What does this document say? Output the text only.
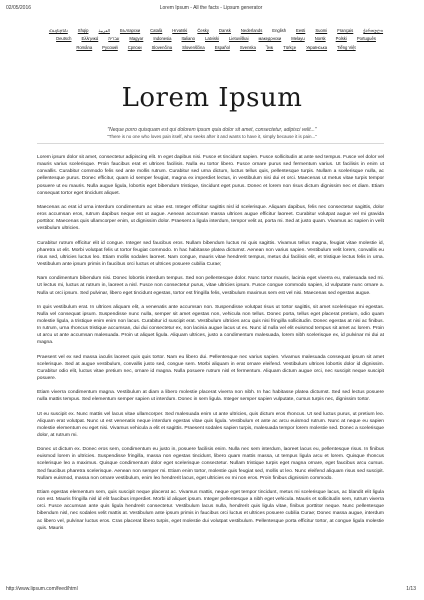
02/05/2016	Lorem Ipsum - All the facts - Lipsum generator
Հայերեն Shqip ‫العربية Български Català Hrvatski Česky Dansk Nederlands English Eesti Suomi Français ქართულიDeutsch Ελληνικά ‫עברית Magyar Indonesia Italiano Latviski Lietuviškai македонски Melayu Norsk Polski PortuguêsRomâna Pyccкий Српски Slovenčina Slovenščina Español Svenska ไทย Türkçe Українська Tiếng Việt
Lorem Ipsum
"Neque porro quisquam est qui dolorem ipsum quia dolor sit amet, consectetur, adipisci velit..."
"There is no one who loves pain itself, who seeks after it and wants to have it, simply because it is pain..."

Lorem ipsum dolor sit amet, consectetur adipiscing elit. In eget dapibus nisi. Fusce et tincidunt sapien. Fusce sollicitudin at ante sed tempus. Fusce vel dolor vel mauris varius scelerisque. Proin faucibus erat et ultrices facilisis. Nulla eu tortor libero. Fusce ornare purus sed fermentum varius. Ut facilisis in enim ut convallis. Curabitur commodo felis sed ante mollis rutrum. Curabitur sed urna dictum, luctus tellus quis, pellentesque turpis. Nullam a scelerisque nulla, ac pellentesque purus. Donec efficitur, quam id semper feugiat, magna ex imperdiet lectus, in vestibulum nisi dui et orci. Maecenas ut metus vitae turpis tempor posuere ut eu mauris. Nulla augue ligula, lobortis eget bibendum tristique, tincidunt eget purus. Donec et lorem non risus dictum dignissim nec et diam. Etiam consequat tortor eget tincidunt aliquet.

Maecenas ac erat id urna interdum condimentum ac vitae est. Integer efficitur sagittis nisl id scelerisque. Aliquam dapibus, felis nec consectetur sagittis, dolor eros accumsan eros, rutrum dapibus neque est ut augue. Aenean accumsan massa ultrices augue efficitur laoreet. Curabitur volutpat augue vel mi gravida porttitor. Maecenas quis ullamcorper enim, ut dignissim dolor. Praesent a ligula interdum, tempor velit at, porta mi. Sed at justo quam. Vivamus ac sapien in velit vestibulum ultricies.

Curabitur rutrum efficitur elit id congue. Integer sed faucibus eros. Nullam bibendum luctus mi quis sagittis. Vivamus tellus magna, feugiat vitae molestie id, pharetra ut elit. Morbi volutpat felis ut tortor feugiat commodo. In hac habitasse platea dictumst. Aenean non varius sapien. Vestibulum velit lorem, convallis eu risus sed, ultricies luctus leo. Etiam mollis sodales laoreet. Nam congue, mauris vitae hendrerit tempus, metus dui facilisis elit, et tristique lectus felis in urna. Vestibulum ante ipsum primis in faucibus orci luctus et ultrices posuere cubilia Curae;

Nam condimentum bibendum nisi. Donec lobortis interdum tempus. Sed non pellentesque dolor. Nunc tortor mauris, lacinia eget viverra eu, malesuada sed mi. Ut lectus mi, luctus at rutrum in, laoreet a nisl. Fusce non consectetur purus, vitae ultricies ipsum. Fusce congue commodo sapien, id vulputate nunc ornare a. Nulla ut orci ipsum. Sed pulvinar, libero eget tincidunt egestas, tortor est fringilla felis, vestibulum maximus sem est vel nisi. Maecenas sed egestas augue.

In quis vestibulum erat. In ultrices aliquam elit, a venenatis ante accumsan non. Suspendisse volutpat risus ut tortor sagittis, sit amet scelerisque mi egestas. Nulla vel consequat ipsum. Suspendisse nunc nulla, semper sit amet egestas non, vehicula non tellus. Donec porta, tellus eget placerat pretium, odio quam molestie ligula, a tristique enim enim non lacus. Curabitur id suscipit erat. Vestibulum ultricies arcu quis nisi fringilla sollicitudin. Donec egestas at nisi ac finibus. In rutrum, urna rhoncus tristique accumsan, dui dui consectetur ex, non lacinia augue lacus ut ex. Nunc id nulla vel elit euismod tempus sit amet ac lorem. Proin ut arcu ut ante accumsan malesuada. Proin ut aliquet ligula. Aliquam ultrices, justo a condimentum malesuada, lorem nibh scelerisque ex, id pulvinar mi dui at magna.

Praesent vel ex sed massa iaculis laoreet quis quis tortor. Nam eu libero dui. Pellentesque nec varius sapien. Vivamus malesuada consequat ipsum sit amet scelerisque. Sed at augue vestibulum, convallis justo sed, congue sem. Morbi aliquam in erat ornare eleifend. Vestibulum ultrices lobortis dolor id dignissim. Curabitur odio elit, luctus vitae pretium nec, ornare id magna. Nulla posuere rutrum nisl et fermentum. Aliquam dictum augue orci, nec suscipit neque suscipit posuere.

Etiam viverra condimentum magna. Vestibulum at diam a libero molestie placerat viverra non nibh. In hac habitasse platea dictumst. Sed sed lectus posuere nulla mattis tempus. Sed elementum semper sapien ut interdum. Donec in sem ligula. Integer semper sapien vulputate, cursus turpis nec, dignissim tortor.

Ut eu suscipit ex. Nunc mattis vel lacus vitae ullamcorper. Sed malesuada enim ut ante ultricies, quis dictum eros rhoncus. Ut sed luctus purus, ut pretium leo. Aliquam erat volutpat. Nunc ut est venenatis neque interdum egestas vitae quis ligula. Vestibulum et ante ac arcu euismod rutrum. Nunc at neque eu sapien molestie elementum eu eget nisi. Vivamus vehicula a elit et sagittis. Praesent sodales sapien turpis, malesuada tempor lorem molestie sed. Donec a scelerisque dolor, at rutrum mi.

Donec ut dictum ex. Donec eros sem, condimentum eu justo in, posuere facilisis enim. Nulla nec sem interdum, laoreet lacus eu, pellentesque risus. In finibus euismod lorem in ultricies. Suspendisse fringilla, massa non egestas tincidunt, libero quam mattis massa, ut tempus ligula arcu et lorem. Quisque rhoncus scelerisque leo a maximus. Quisque condimentum dolor eget scelerisque consectetur. Nullam tristique turpis eget magna ornare, eget faucibus arcu cursus. Sed faucibus pharetra scelerisque. Aenean non semper mi. Etiam enim tortor, molestie quis feugiat sed, mollis ut leo. Nunc eleifend aliquam risus sed suscipit. Nullam euismod, massa non ornare vestibulum, enim leo hendrerit lacus, eget ultricies ex mi non eros. Proin finibus dignissim commodo.

Etiam egestas elementum sem, quis suscipit neque placerat ac. Vivamus mattis, neque eget tempor tincidunt, metus mi scelerisque lacus, ac blandit elit ligula non est. Mauris fringilla nisl id elit faucibus imperdiet. Morbi id aliquet ipsum. Integer pellentesque a nibh eget vehicula. Mauris et sollicitudin sem, rutrum viverra orci. Fusce accumsan ante quis ligula hendrerit consectetur. Vestibulum lacus nulla, hendrerit quis ligula vitae, finibus porttitor neque. Nunc pellentesque bibendum nisl, nec sodales velit mattis at. Vestibulum ante ipsum primis in faucibus orci luctus et ultrices posuere cubilia Curae; Donec massa augue, interdum ac libero vel, pulvinar luctus eros. Cras placerat libero turpis, eget molestie dui volutpat vestibulum. Pellentesque porta efficitur tortor, at congue ligula molestie quis. Mauris

http://www.lipsum.com/feed/html	1/13
